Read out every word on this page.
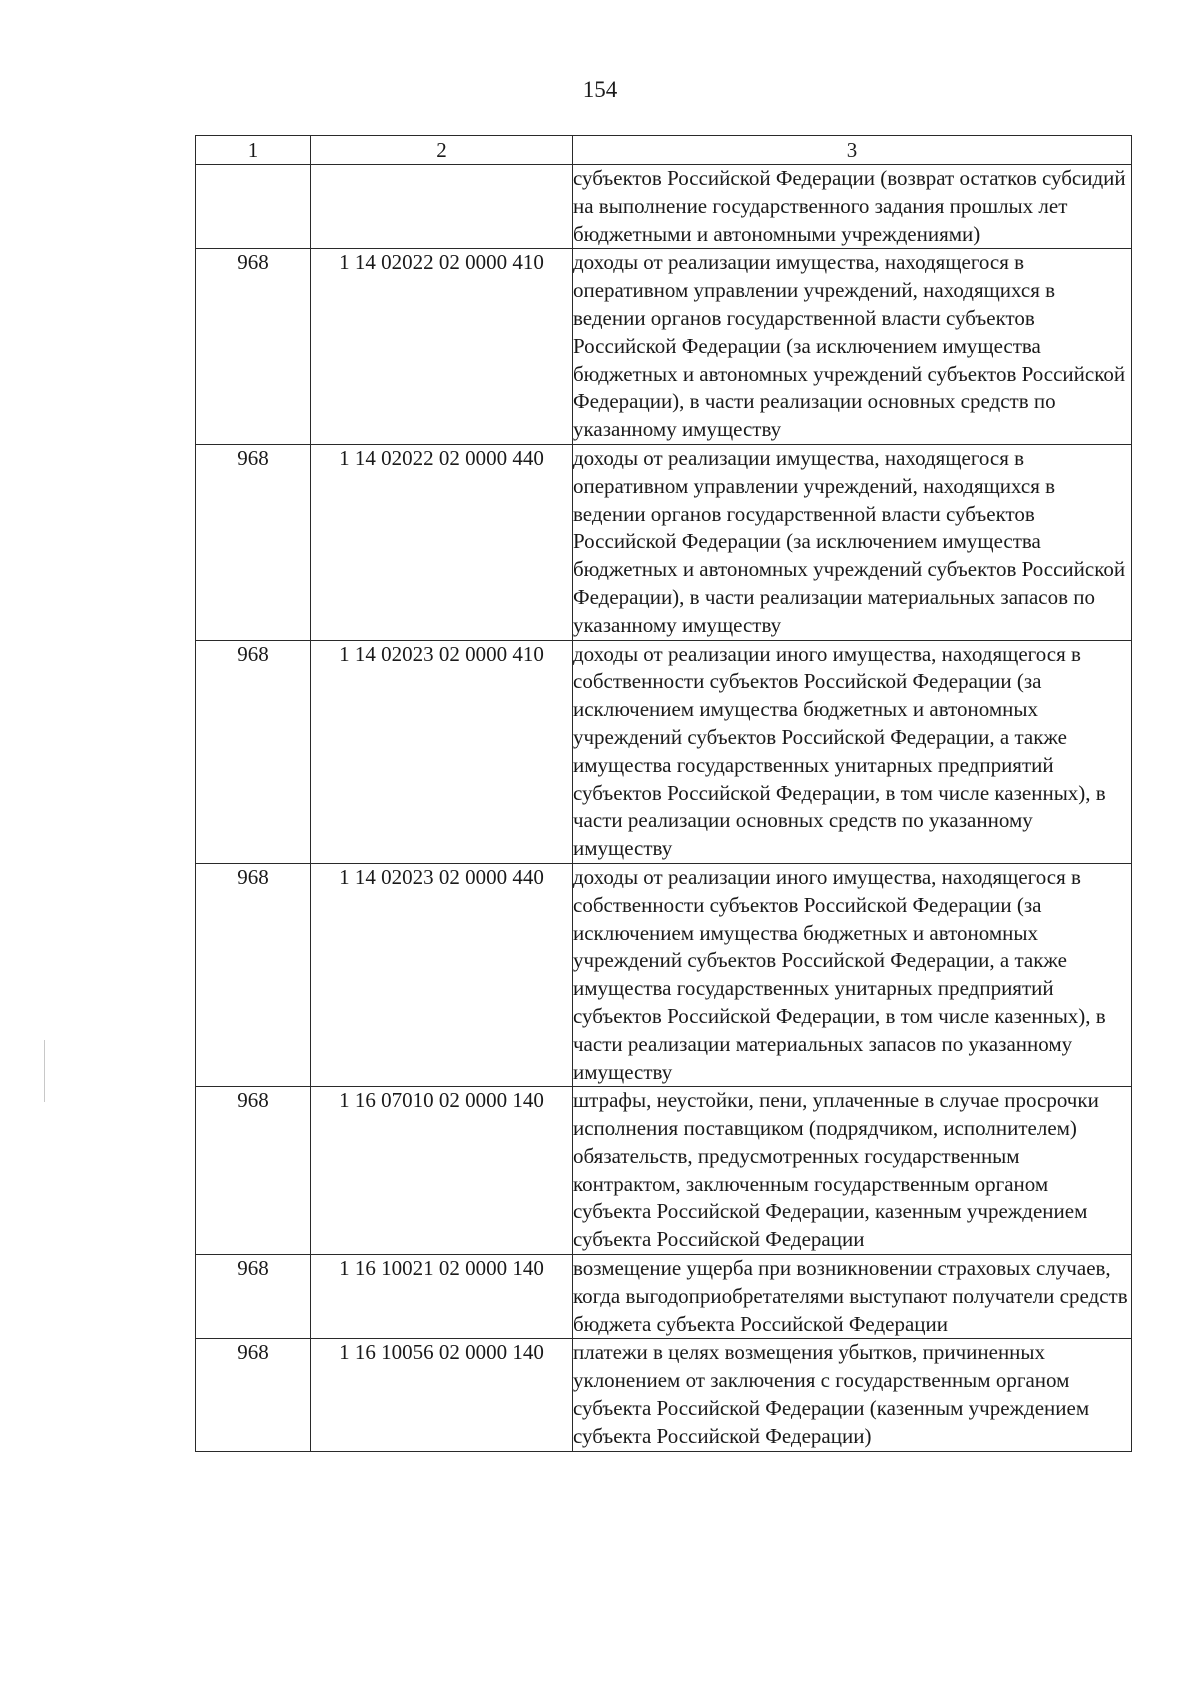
154
1	2	3
		субъектов Российской Федерации (возврат остатков субсидий на выполнение государственного задания прошлых лет бюджетными и автономными учреждениями)
968	1 14 02022 02 0000 410	доходы от реализации имущества, находящегося в оперативном управлении учреждений, находящихся в ведении органов государственной власти субъектов Российской Федерации (за исключением имущества бюджетных и автономных учреждений субъектов Российской Федерации), в части реализации основных средств по указанному имуществу
968	1 14 02022 02 0000 440	доходы от реализации имущества, находящегося в оперативном управлении учреждений, находящихся в ведении органов государственной власти субъектов Российской Федерации (за исключением имущества бюджетных и автономных учреждений субъектов Российской Федерации), в части реализации материальных запасов по указанному имуществу
968	1 14 02023 02 0000 410	доходы от реализации иного имущества, находящегося в собственности субъектов Российской Федерации (за исключением имущества бюджетных и автономных учреждений субъектов Российской Федерации, а также имущества государственных унитарных предприятий субъектов Российской Федерации, в том числе казенных), в части реализации основных средств по указанному имуществу
968	1 14 02023 02 0000 440	доходы от реализации иного имущества, находящегося в собственности субъектов Российской Федерации (за исключением имущества бюджетных и автономных учреждений субъектов Российской Федерации, а также имущества государственных унитарных предприятий субъектов Российской Федерации, в том числе казенных), в части реализации материальных запасов по указанному имуществу
968	1 16 07010 02 0000 140	штрафы, неустойки, пени, уплаченные в случае просрочки исполнения поставщиком (подрядчиком, исполнителем) обязательств, предусмотренных государственным контрактом, заключенным государственным органом субъекта Российской Федерации, казенным учреждением субъекта Российской Федерации
968	1 16 10021 02 0000 140	возмещение ущерба при возникновении страховых случаев, когда выгодоприобретателями выступают получатели средств бюджета субъекта Российской Федерации
968	1 16 10056 02 0000 140	платежи в целях возмещения убытков, причиненных уклонением от заключения с государственным органом субъекта Российской Федерации (казенным учреждением субъекта Российской Федерации)
